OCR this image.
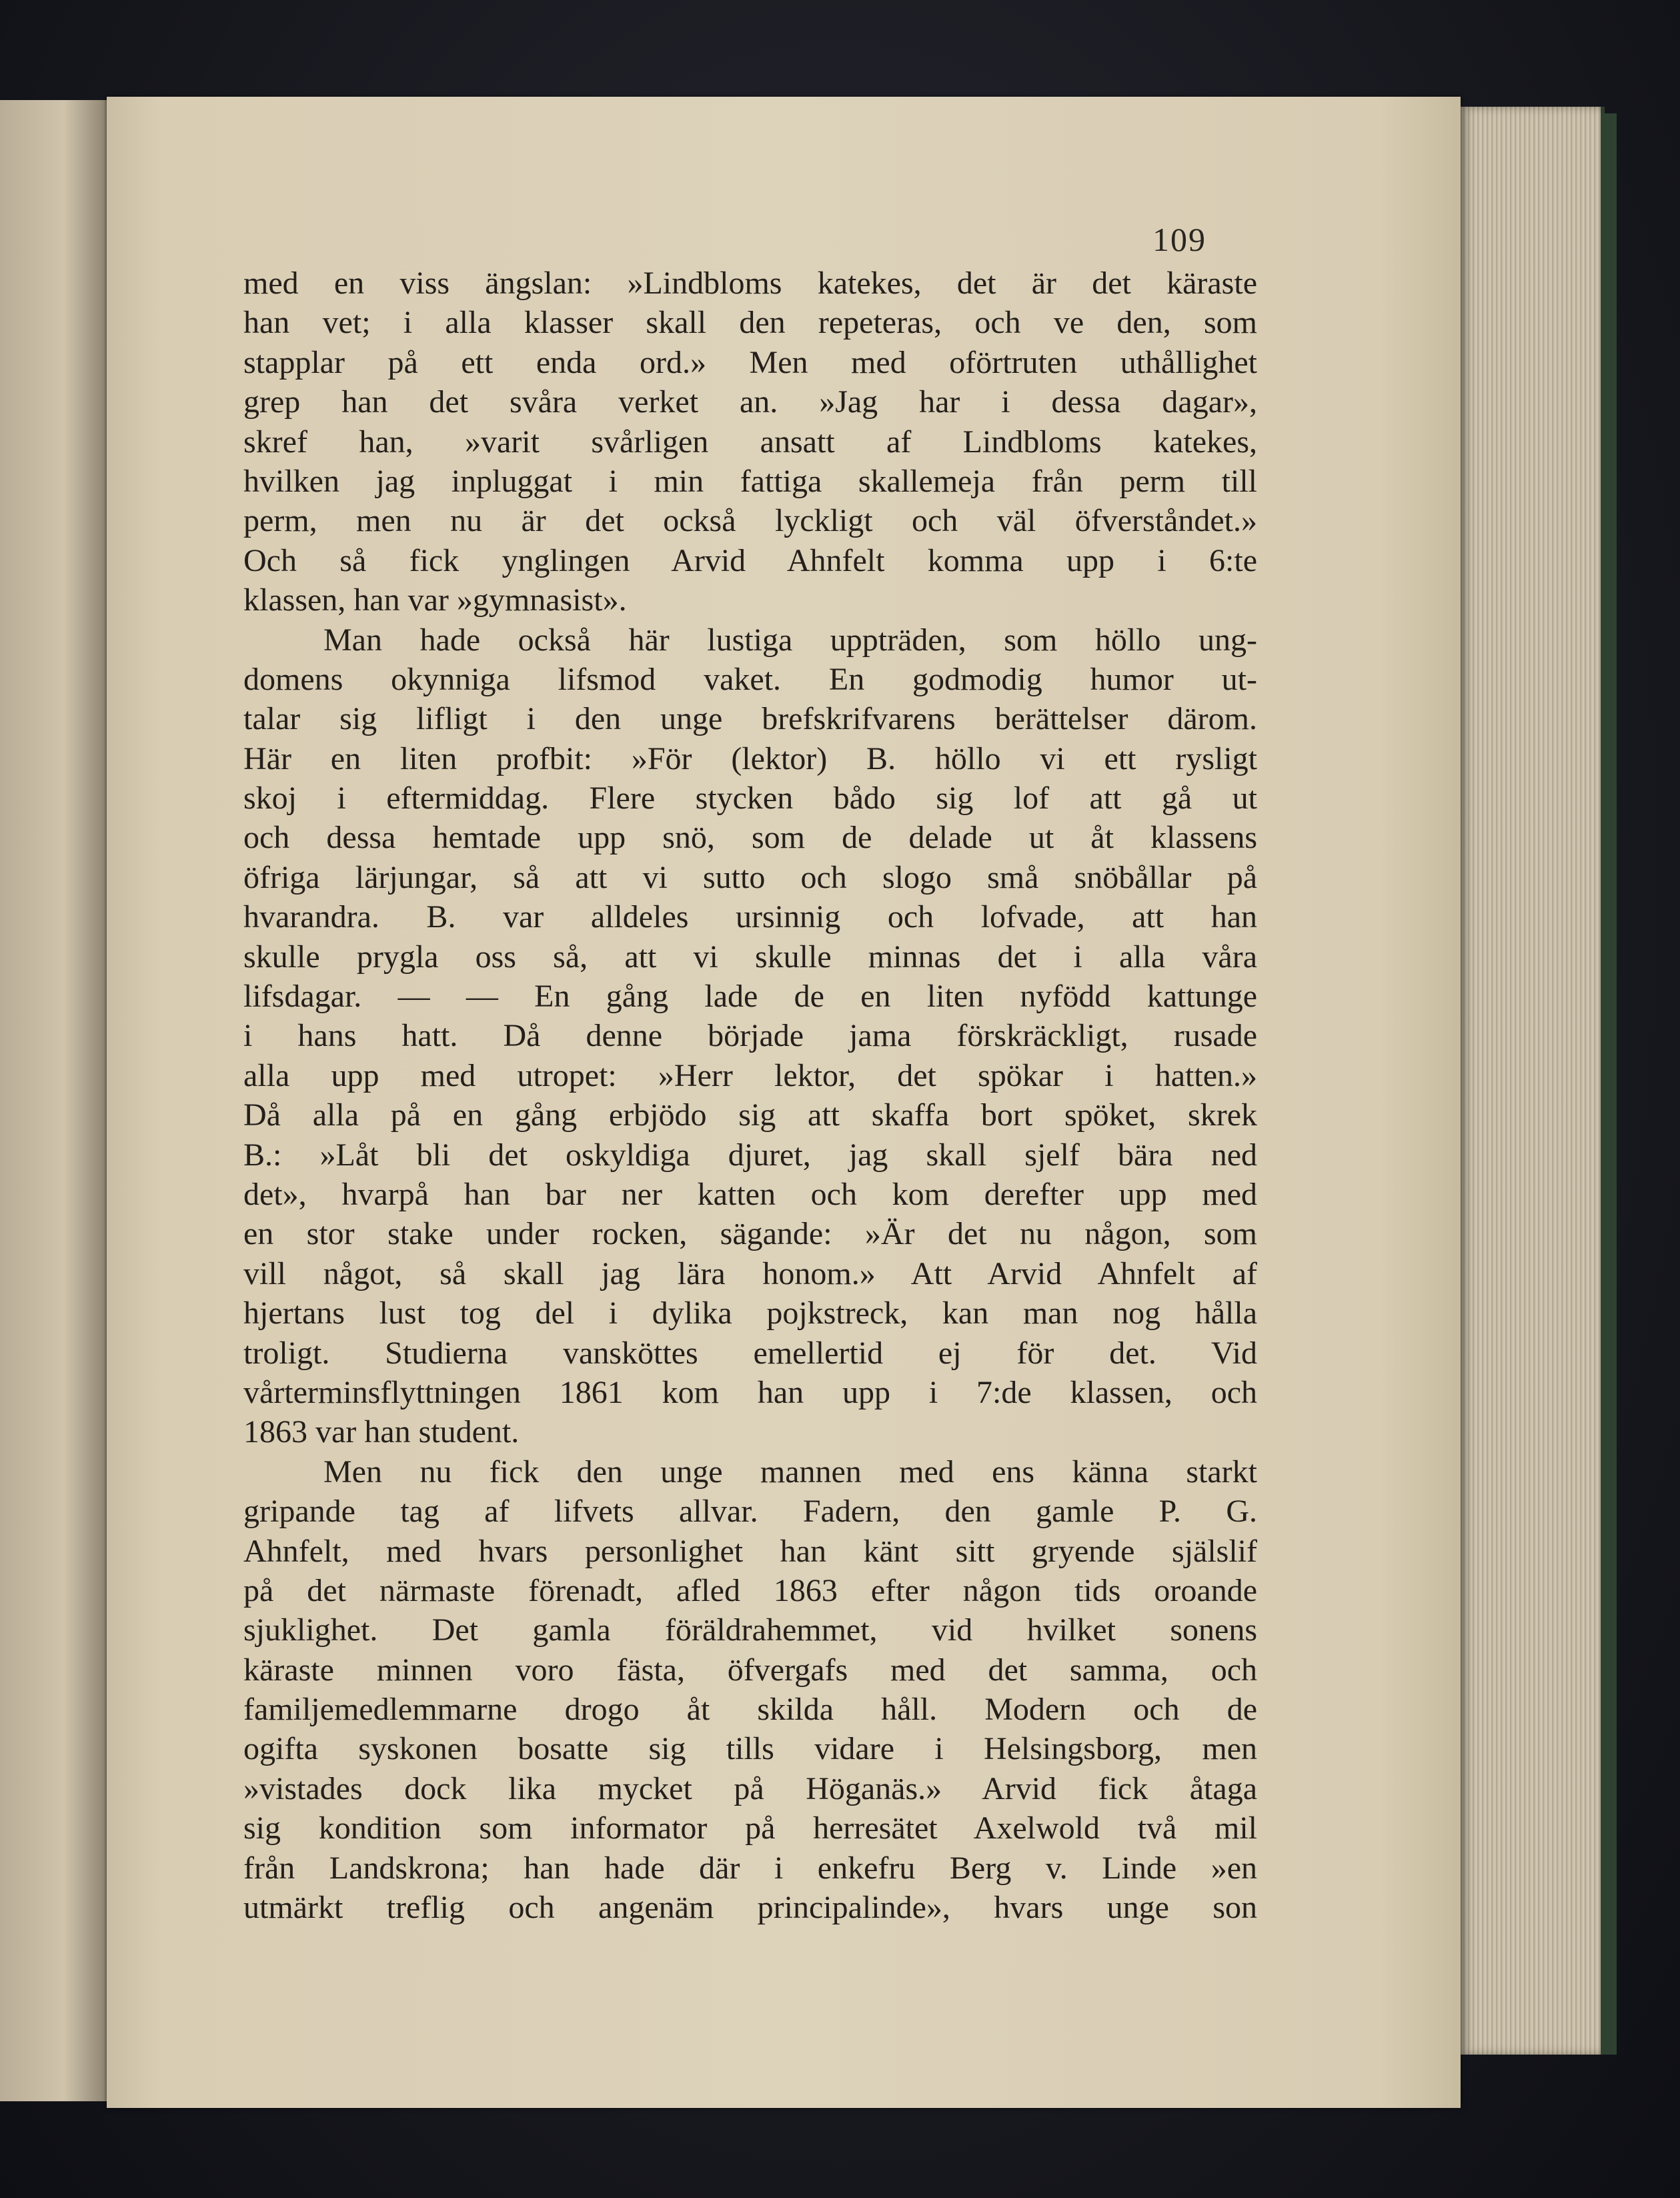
109
med en viss ängslan: »Lindbloms katekes, det är det käraste
han vet; i alla klasser skall den repeteras, och ve den, som
stapplar på ett enda ord.» Men med oförtruten uthållighet
grep han det svåra verket an. »Jag har i dessa dagar»,
skref han, »varit svårligen ansatt af Lindbloms katekes,
hvilken jag inpluggat i min fattiga skallemeja från perm till
perm, men nu är det också lyckligt och väl öfverståndet.»
Och så fick ynglingen Arvid Ahnfelt komma upp i 6:te
klassen, han var »gymnasist».
Man hade också här lustiga uppträden, som höllo ung-
domens okynniga lifsmod vaket. En godmodig humor ut-
talar sig lifligt i den unge brefskrifvarens berättelser därom.
Här en liten profbit: »För (lektor) B. höllo vi ett rysligt
skoj i eftermiddag. Flere stycken bådo sig lof att gå ut
och dessa hemtade upp snö, som de delade ut åt klassens
öfriga lärjungar, så att vi sutto och slogo små snöbållar på
hvarandra. B. var alldeles ursinnig och lofvade, att han
skulle prygla oss så, att vi skulle minnas det i alla våra
lifsdagar. — — En gång lade de en liten nyfödd kattunge
i hans hatt. Då denne började jama förskräckligt, rusade
alla upp med utropet: »Herr lektor, det spökar i hatten.»
Då alla på en gång erbjödo sig att skaffa bort spöket, skrek
B.: »Låt bli det oskyldiga djuret, jag skall sjelf bära ned
det», hvarpå han bar ner katten och kom derefter upp med
en stor stake under rocken, sägande: »Är det nu någon, som
vill något, så skall jag lära honom.» Att Arvid Ahnfelt af
hjertans lust tog del i dylika pojkstreck, kan man nog hålla
troligt. Studierna vansköttes emellertid ej för det. Vid
vårterminsflyttningen 1861 kom han upp i 7:de klassen, och
1863 var han student.
Men nu fick den unge mannen med ens känna starkt
gripande tag af lifvets allvar. Fadern, den gamle P. G.
Ahnfelt, med hvars personlighet han känt sitt gryende själslif
på det närmaste förenadt, afled 1863 efter någon tids oroande
sjuklighet. Det gamla föräldrahemmet, vid hvilket sonens
käraste minnen voro fästa, öfvergafs med det samma, och
familjemedlemmarne drogo åt skilda håll. Modern och de
ogifta syskonen bosatte sig tills vidare i Helsingsborg, men
»vistades dock lika mycket på Höganäs.» Arvid fick åtaga
sig kondition som informator på herresätet Axelwold två mil
från Landskrona; han hade där i enkefru Berg v. Linde »en
utmärkt treflig och angenäm principalinde», hvars unge son
